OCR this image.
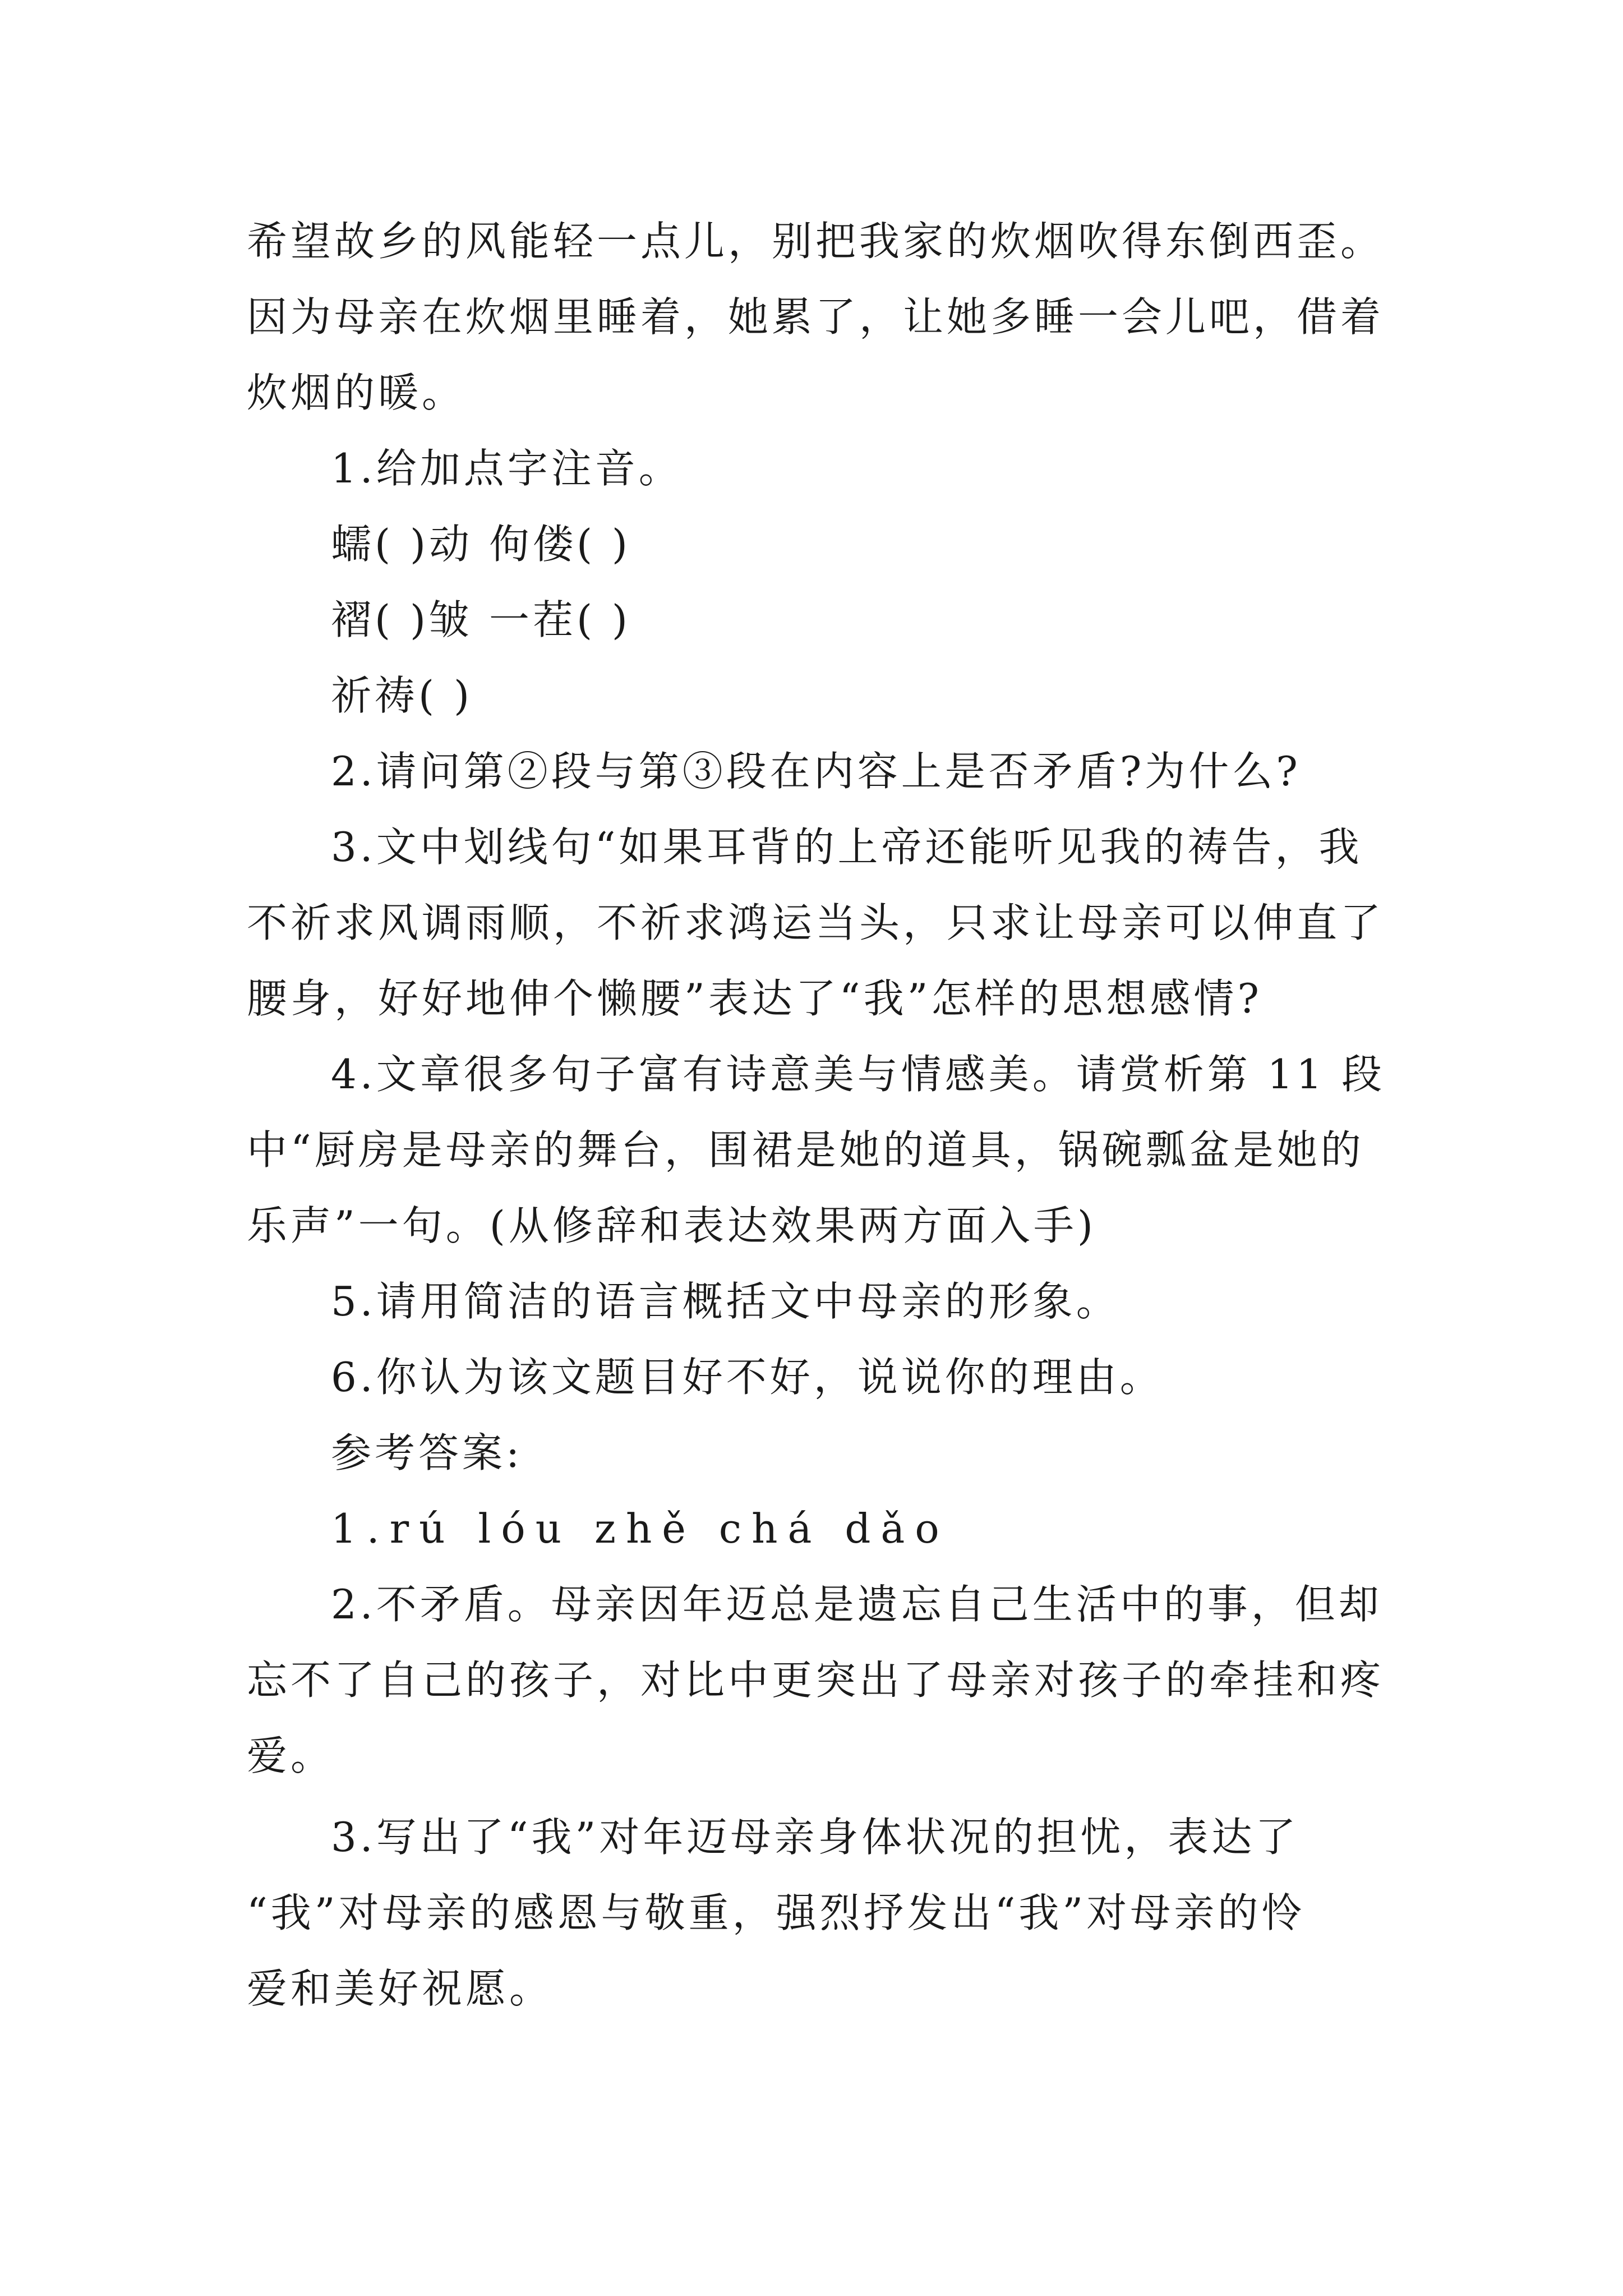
希望故乡的风能轻一点儿，别把我家的炊烟吹得东倒西歪。
因为母亲在炊烟里睡着，她累了，让她多睡一会儿吧，借着
炊烟的暖。
1.给加点字注音。
蠕( )动 佝偻( )
褶( )皱 一茬( )
祈祷( )
2.请问第②段与第③段在内容上是否矛盾?为什么?
3.文中划线句“如果耳背的上帝还能听见我的祷告，我
不祈求风调雨顺，不祈求鸿运当头，只求让母亲可以伸直了
腰身，好好地伸个懒腰”表达了“我”怎样的思想感情?
4.文章很多句子富有诗意美与情感美。请赏析第 11 段
中“厨房是母亲的舞台，围裙是她的道具，锅碗瓢盆是她的
乐声”一句。(从修辞和表达效果两方面入手)
5.请用简洁的语言概括文中母亲的形象。
6.你认为该文题目好不好，说说你的理由。
参考答案:
1.rú lóu zhě chá dǎo
2.不矛盾。母亲因年迈总是遗忘自己生活中的事，但却
忘不了自己的孩子，对比中更突出了母亲对孩子的牵挂和疼
爱。
3.写出了“我”对年迈母亲身体状况的担忧，表达了
“我”对母亲的感恩与敬重，强烈抒发出“我”对母亲的怜
爱和美好祝愿。
